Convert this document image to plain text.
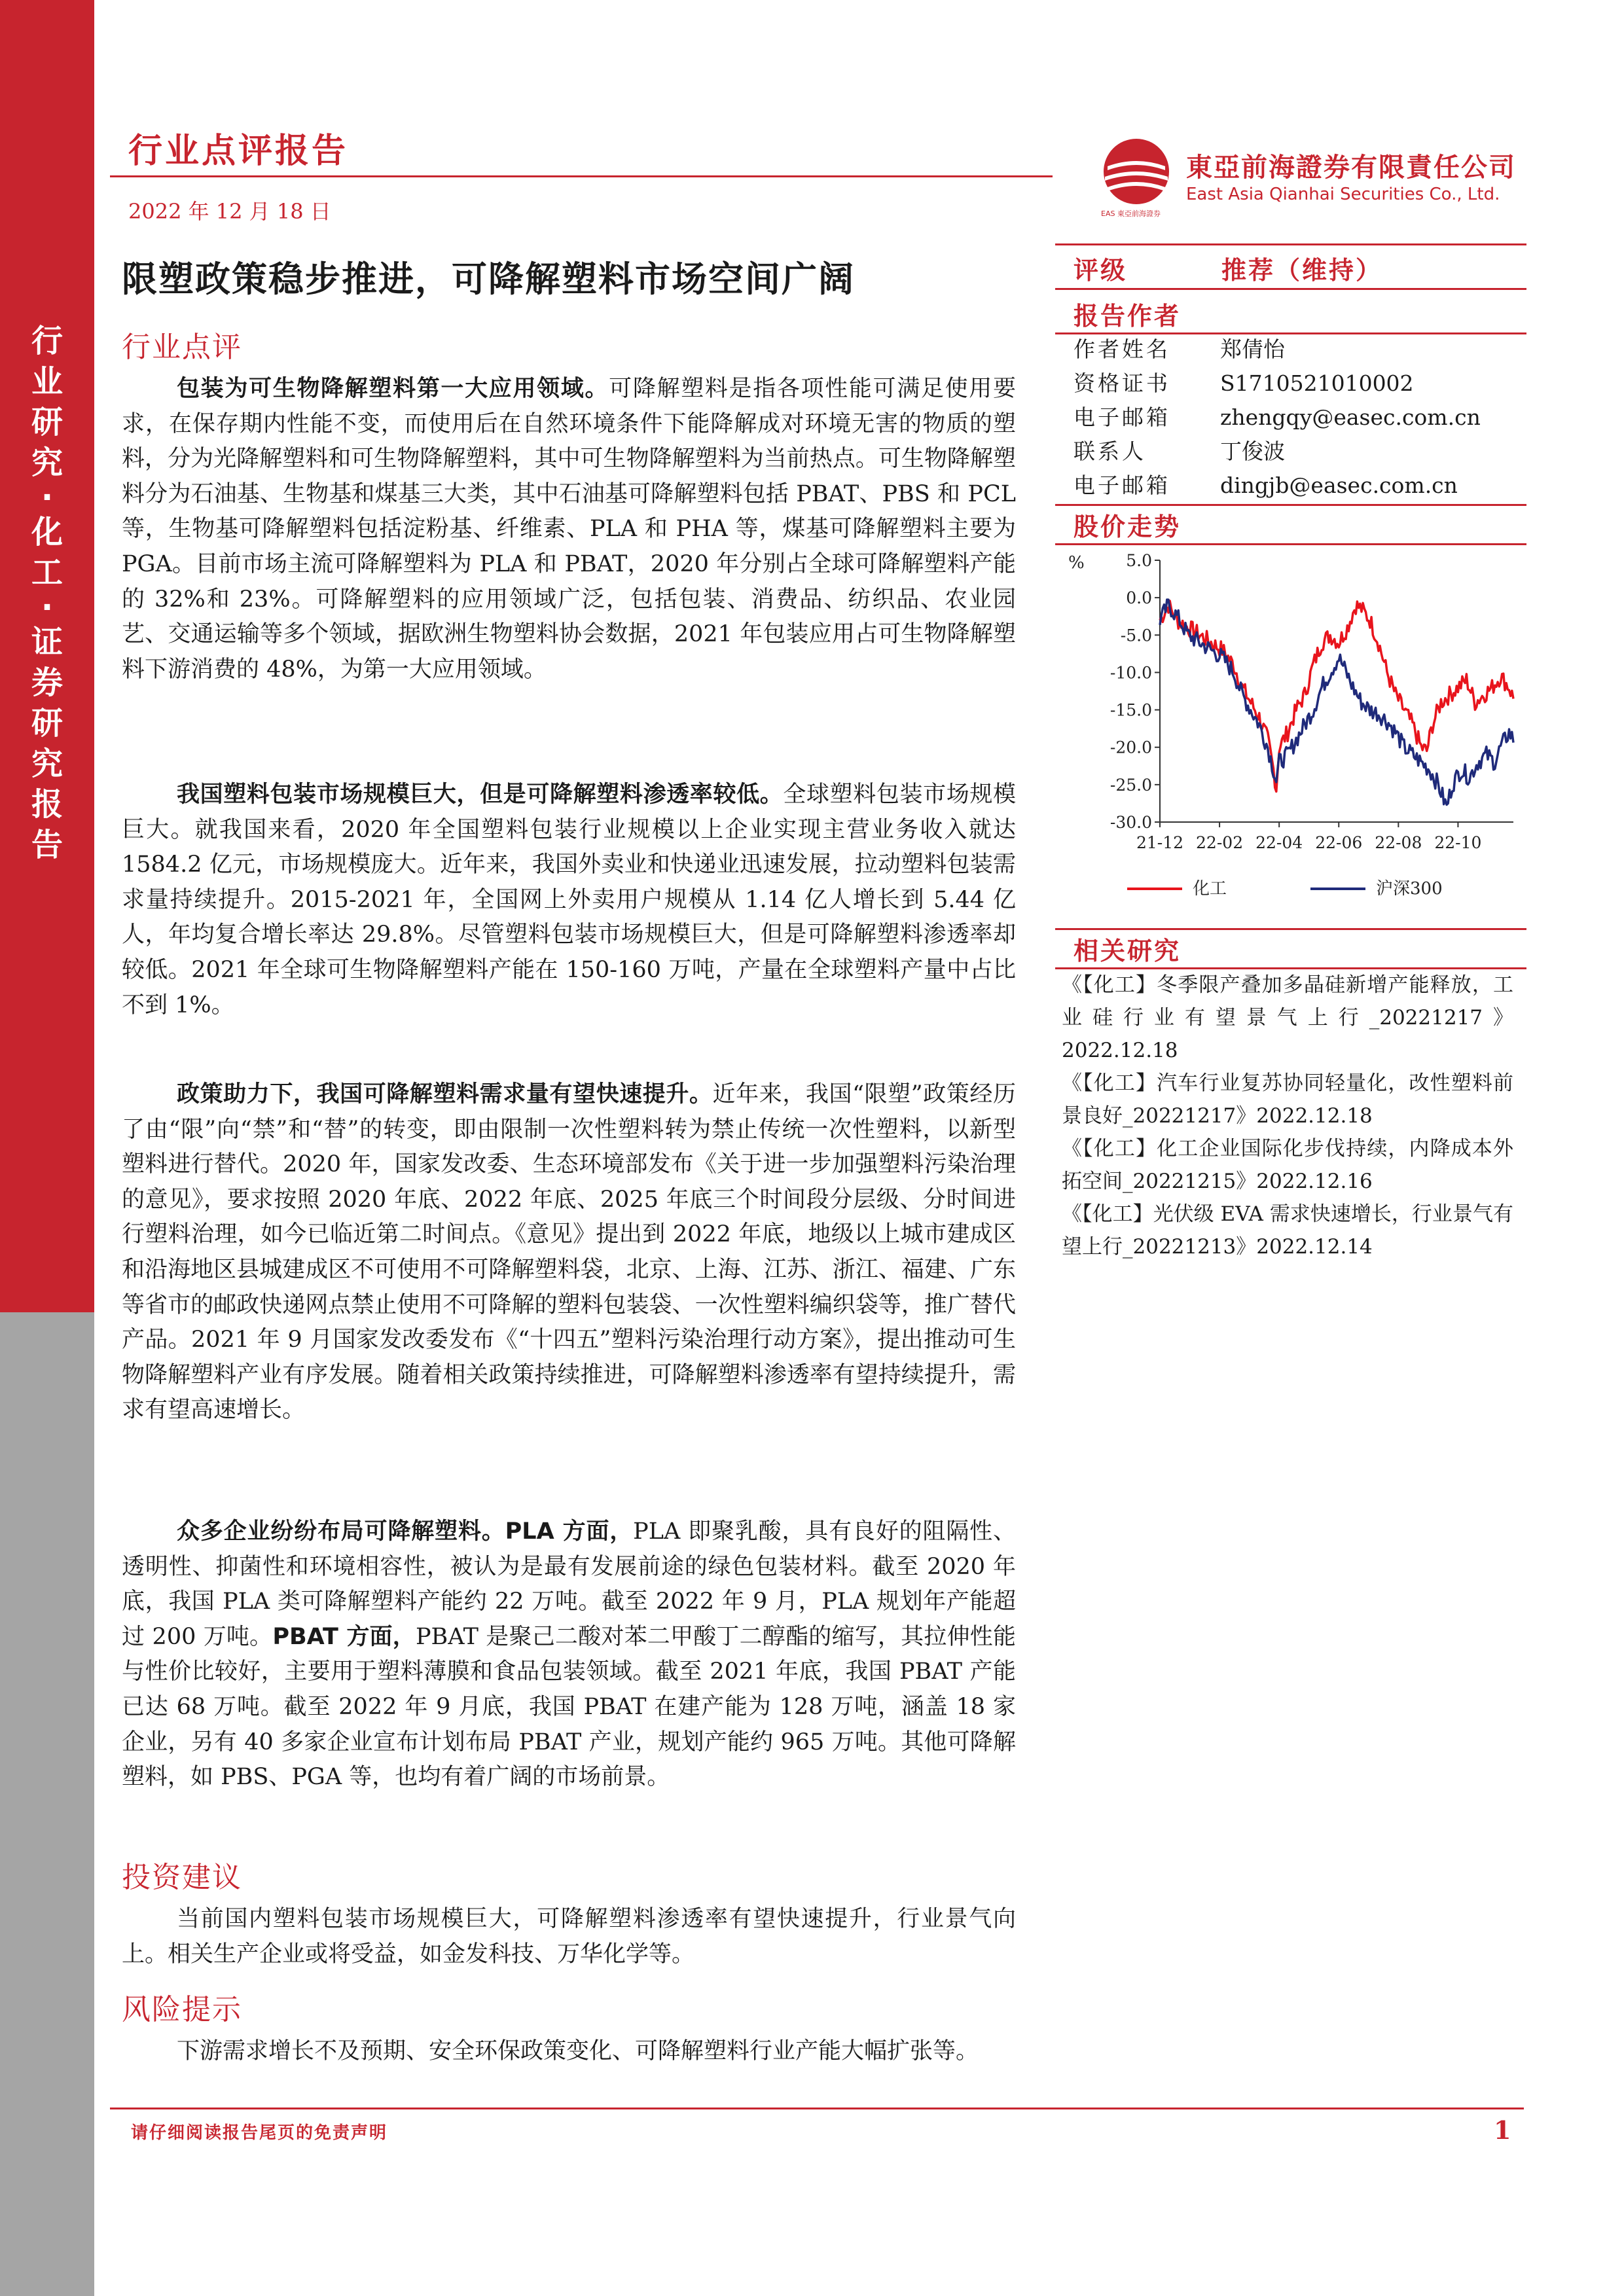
行
业
研
究
·
化
工
·
证
券
研
究
报
告
行业点评报告
2022 年 12 月 18 日	EAS 東亞前海證券
東亞前海證券有限責任公司
East Asia Qianhai Securities Co., Ltd.
限塑政策稳步推进，可降解塑料市场空间广阔
行业点评

包装为可生物降解塑料第一大应用领域。可降解塑料是指各项性能可满足使用要求，在保存期内性能不变，而使用后在自然环境条件下能降解成对环境无害的物质的塑料，分为光降解塑料和可生物降解塑料，其中可生物降解塑料为当前热点。可生物降解塑料分为石油基、生物基和煤基三大类，其中石油基可降解塑料包括 PBAT、PBS 和 PCL 等，生物基可降解塑料包括淀粉基、纤维素、PLA 和 PHA 等，煤基可降解塑料主要为 PGA。目前市场主流可降解塑料为 PLA 和 PBAT，2020 年分别占全球可降解塑料产能的 32%和 23%。可降解塑料的应用领域广泛，包括包装、消费品、纺织品、农业园艺、交通运输等多个领域，据欧洲生物塑料协会数据，2021 年包装应用占可生物降解塑料下游消费的 48%，为第一大应用领域。

我国塑料包装市场规模巨大，但是可降解塑料渗透率较低。全球塑料包装市场规模巨大。就我国来看，2020 年全国塑料包装行业规模以上企业实现主营业务收入就达 1584.2 亿元，市场规模庞大。近年来，我国外卖业和快递业迅速发展，拉动塑料包装需求量持续提升。2015-2021 年，全国网上外卖用户规模从 1.14 亿人增长到 5.44 亿人，年均复合增长率达 29.8%。尽管塑料包装市场规模巨大，但是可降解塑料渗透率却较低。2021 年全球可生物降解塑料产能在 150-160 万吨，产量在全球塑料产量中占比不到 1%。

政策助力下，我国可降解塑料需求量有望快速提升。近年来，我国“限塑”政策经历了由“限”向“禁”和“替”的转变，即由限制一次性塑料转为禁止传统一次性塑料，以新型塑料进行替代。2020 年，国家发改委、生态环境部发布《关于进一步加强塑料污染治理的意见》，要求按照 2020 年底、2022 年底、2025 年底三个时间段分层级、分时间进行塑料治理，如今已临近第二时间点。《意见》提出到 2022 年底，地级以上城市建成区和沿海地区县城建成区不可使用不可降解塑料袋，北京、上海、江苏、浙江、福建、广东等省市的邮政快递网点禁止使用不可降解的塑料包装袋、一次性塑料编织袋等，推广替代产品。2021 年 9 月国家发改委发布《“十四五”塑料污染治理行动方案》，提出推动可生物降解塑料产业有序发展。随着相关政策持续推进，可降解塑料渗透率有望持续提升，需求有望高速增长。

众多企业纷纷布局可降解塑料。PLA 方面，PLA 即聚乳酸，具有良好的阻隔性、透明性、抑菌性和环境相容性，被认为是最有发展前途的绿色包装材料。截至 2020 年底，我国 PLA 类可降解塑料产能约 22 万吨。截至 2022 年 9 月，PLA 规划年产能超过 200 万吨。PBAT 方面，PBAT 是聚己二酸对苯二甲酸丁二醇酯的缩写，其拉伸性能与性价比较好，主要用于塑料薄膜和食品包装领域。截至 2021 年底，我国 PBAT 产能已达 68 万吨。截至 2022 年 9 月底，我国 PBAT 在建产能为 128 万吨，涵盖 18 家企业，另有 40 多家企业宣布计划布局 PBAT 产业，规划产能约 965 万吨。其他可降解塑料，如 PBS、PGA 等，也均有着广阔的市场前景。

投资建议

当前国内塑料包装市场规模巨大，可降解塑料渗透率有望快速提升，行业景气向上。相关生产企业或将受益，如金发科技、万华化学等。

风险提示

下游需求增长不及预期、安全环保政策变化、可降解塑料行业产能大幅扩张等。

评级	推荐（维持）
报告作者
作者姓名 郑倩怡
资格证书 S1710521010002
电子邮箱 zhengqy@easec.com.cn
联系人	丁俊波
电子邮箱 dingjb@easec.com.cn
股价走势
%	5.0
0.0
-5.0
-10.0
-15.0
-20.0
-25.0
-30.0
21-12 22-02 22-04 22-06 22-08 22-10
化工	沪深300
相关研究

《【化工】冬季限产叠加多晶硅新增产能释放，工业硅行业有望景气上行_20221217》2022.12.18

《【化工】汽车行业复苏协同轻量化，改性塑料前景良好_20221217》2022.12.18

《【化工】化工企业国际化步伐持续，内降成本外拓空间_20221215》2022.12.16

《【化工】光伏级 EVA 需求快速增长，行业景气有望上行_20221213》2022.12.14

请仔细阅读报告尾页的免责声明	1
